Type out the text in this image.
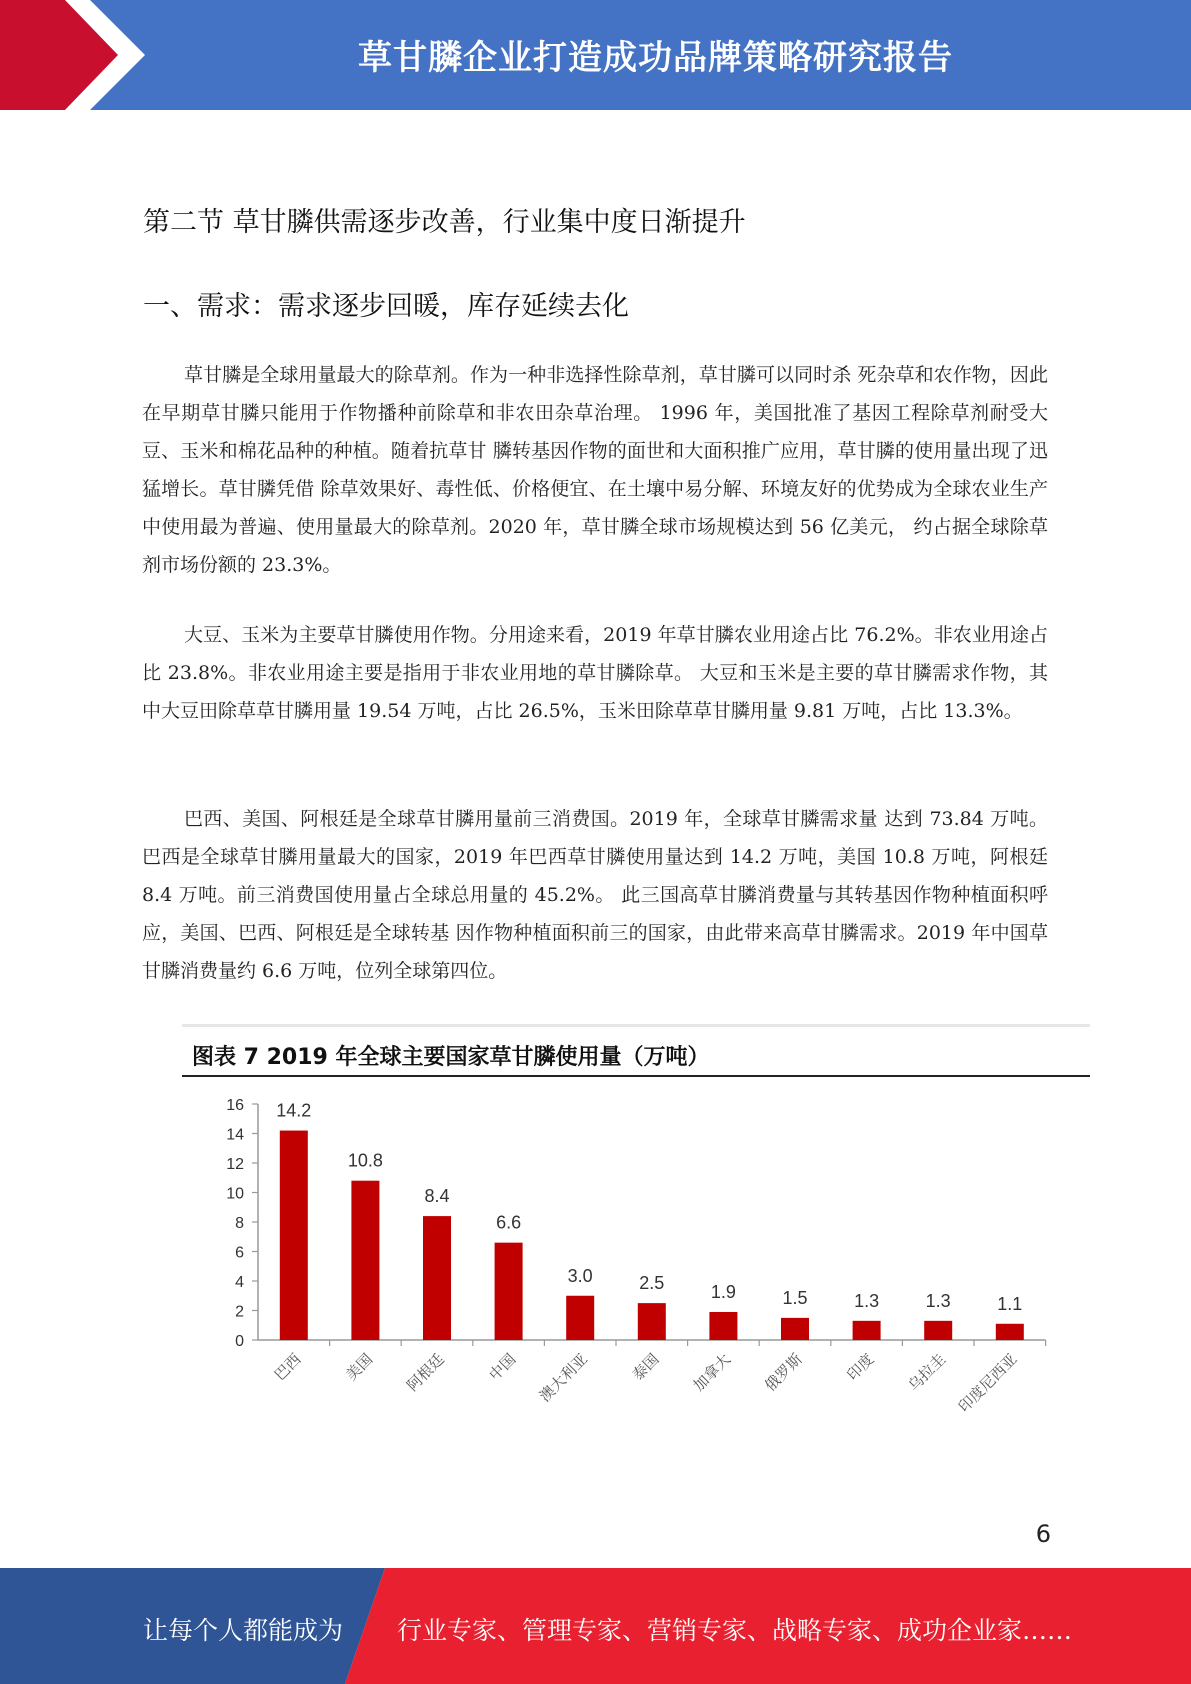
草甘膦企业打造成功品牌策略研究报告
第二节 草甘膦供需逐步改善，行业集中度日渐提升
一、需求：需求逐步回暖，库存延续去化

草甘膦是全球用量最大的除草剂。作为一种非选择性除草剂，草甘膦可以同时杀 死杂草和农作物，因此在早期草甘膦只能用于作物播种前除草和非农田杂草治理。 1996 年，美国批准了基因工程除草剂耐受大豆、玉米和棉花品种的种植。随着抗草甘 膦转基因作物的面世和大面积推广应用，草甘膦的使用量出现了迅猛增长。草甘膦凭借 除草效果好、毒性低、价格便宜、在土壤中易分解、环境友好的优势成为全球农业生产 中使用最为普遍、使用量最大的除草剂。2020 年，草甘膦全球市场规模达到 56 亿美元， 约占据全球除草剂市场份额的 23.3%。

大豆、玉米为主要草甘膦使用作物。分用途来看，2019 年草甘膦农业用途占比 76.2%。非农业用途占比 23.8%。非农业用途主要是指用于非农业用地的草甘膦除草。 大豆和玉米是主要的草甘膦需求作物，其中大豆田除草草甘膦用量 19.54 万吨，占比 26.5%，玉米田除草草甘膦用量 9.81 万吨，占比 13.3%。

巴西、美国、阿根廷是全球草甘膦用量前三消费国。2019 年，全球草甘膦需求量 达到 73.84 万吨。巴西是全球草甘膦用量最大的国家，2019 年巴西草甘膦使用量达到 14.2 万吨，美国 10.8 万吨，阿根廷 8.4 万吨。前三消费国使用量占全球总用量的 45.2%。 此三国高草甘膦消费量与其转基因作物种植面积呼应，美国、巴西、阿根廷是全球转基 因作物种植面积前三的国家，由此带来高草甘膦需求。2019 年中国草甘膦消费量约 6.6 万吨，位列全球第四位。

图表 7 2019 年全球主要国家草甘膦使用量（万吨）
0
2
4
6
8
10
12
14
16 14.2
巴西
10.8
美国
8.4
阿根廷
6.6
中国
3.0
澳大利亚
2.5
泰国
1.9
加拿大
1.5
俄罗斯
1.3
印度
1.3
乌拉圭
1.1
印度尼西亚
6
让每个人都能成为 行业专家、管理专家、营销专家、战略专家、成功企业家……
